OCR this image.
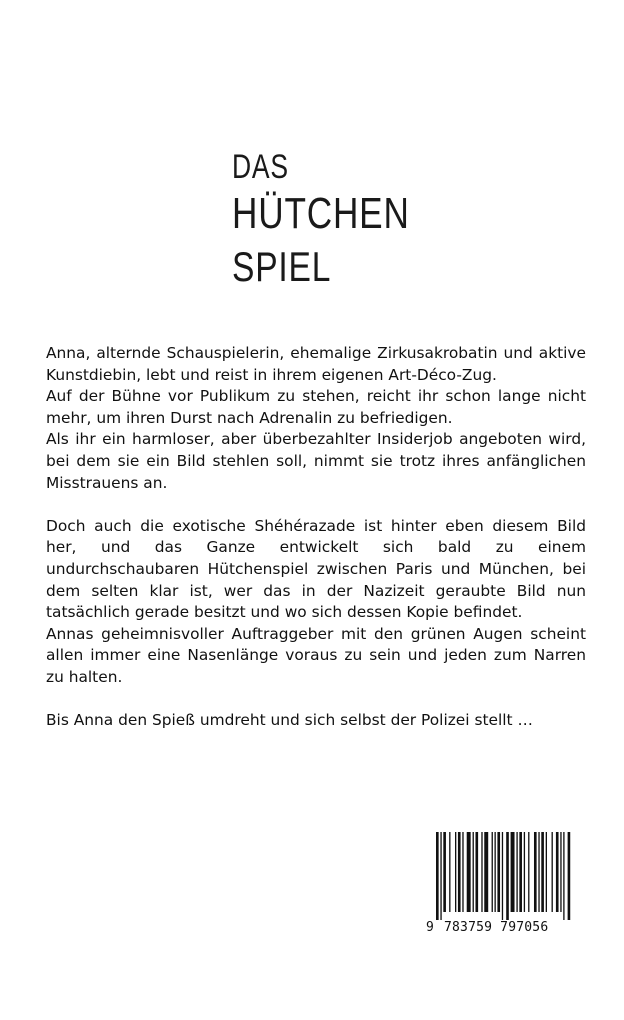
DAS
HÜTCHEN
SPIEL

Anna, alternde Schauspielerin, ehemalige Zirkusakrobatin und aktive Kunstdiebin, lebt und reist in ihrem eigenen Art-Déco-Zug.

Auf der Bühne vor Publikum zu stehen, reicht ihr schon lange nicht mehr, um ihren Durst nach Adrenalin zu befriedigen.

Als ihr ein harmloser, aber überbezahlter Insiderjob angeboten wird, bei dem sie ein Bild stehlen soll, nimmt sie trotz ihres anfänglichen Misstrauens an.

Doch auch die exotische Shéhérazade ist hinter eben diesem Bild her, und das Ganze entwickelt sich bald zu einem undurchschaubaren Hütchenspiel zwischen Paris und München, bei dem selten klar ist, wer das in der Nazizeit geraubte Bild nun tatsächlich gerade besitzt und wo sich dessen Kopie befindet.

Annas geheimnisvoller Auftraggeber mit den grünen Augen scheint allen immer eine Nasenlänge voraus zu sein und jeden zum Narren zu halten.

Bis Anna den Spieß umdreht und sich selbst der Polizei stellt …

9 783759 797056
